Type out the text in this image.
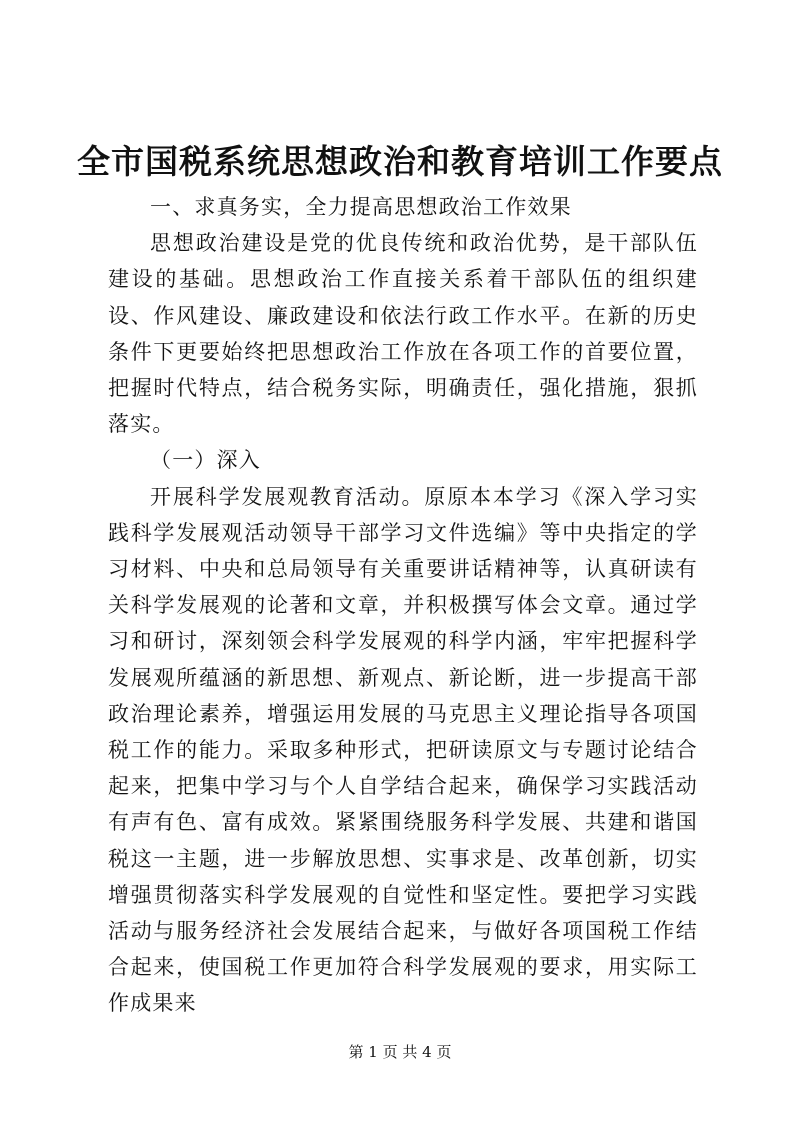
全市国税系统思想政治和教育培训工作要点

一、求真务实，全力提高思想政治工作效果

思想政治建设是党的优良传统和政治优势，是干部队伍建设的基础。思想政治工作直接关系着干部队伍的组织建设、作风建设、廉政建设和依法行政工作水平。在新的历史条件下更要始终把思想政治工作放在各项工作的首要位置，把握时代特点，结合税务实际，明确责任，强化措施，狠抓落实。

（一）深入

开展科学发展观教育活动。原原本本学习《深入学习实践科学发展观活动领导干部学习文件选编》等中央指定的学习材料、中央和总局领导有关重要讲话精神等，认真研读有关科学发展观的论著和文章，并积极撰写体会文章。通过学习和研讨，深刻领会科学发展观的科学内涵，牢牢把握科学发展观所蕴涵的新思想、新观点、新论断，进一步提高干部政治理论素养，增强运用发展的马克思主义理论指导各项国税工作的能力。采取多种形式，把研读原文与专题讨论结合起来，把集中学习与个人自学结合起来，确保学习实践活动有声有色、富有成效。紧紧围绕服务科学发展、共建和谐国税这一主题，进一步解放思想、实事求是、改革创新，切实增强贯彻落实科学发展观的自觉性和坚定性。要把学习实践活动与服务经济社会发展结合起来，与做好各项国税工作结合起来，使国税工作更加符合科学发展观的要求，用实际工作成果来

第 1 页 共 4 页
